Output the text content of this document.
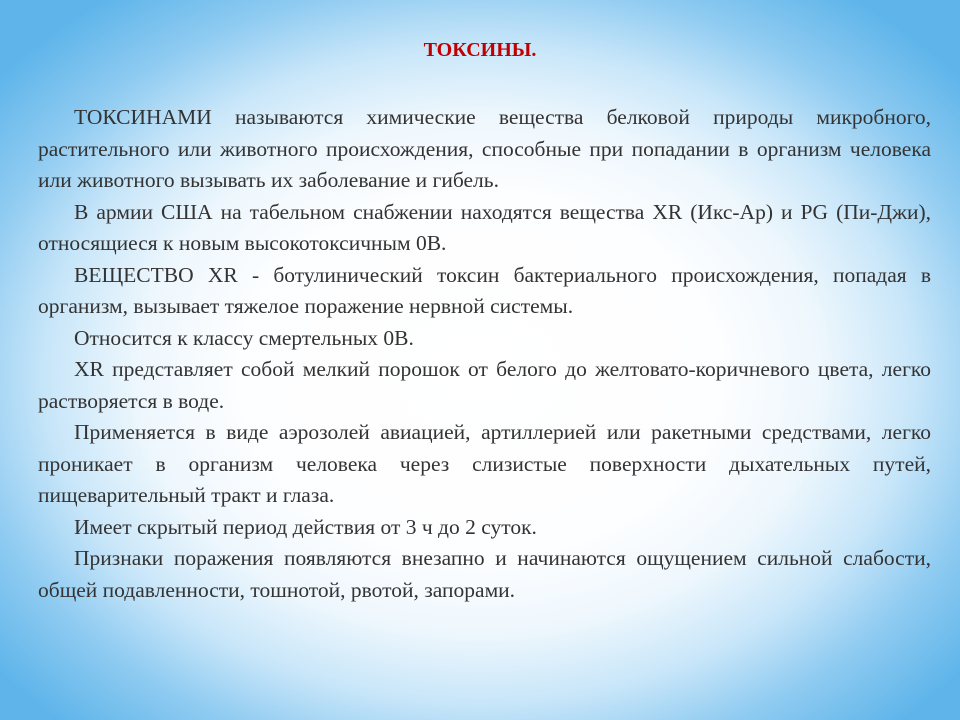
ТОКСИНЫ.

ТОКСИНАМИ называются химические вещества белковой природы микробного, растительного или животного происхождения, способные при попадании в организм человека или животного вызывать их заболевание и гибель.

В армии США на табельном снабжении находятся вещества XR (Икс-Ар) и PG (Пи-Джи), относящиеся к новым высокотоксичным 0В.

ВЕЩЕСТВО XR - ботулинический токсин бактериального происхождения, попадая в организм, вызывает тяжелое поражение нервной системы.

Относится к классу смертельных 0В.

XR представляет собой мелкий порошок от белого до желтовато-коричневого цвета, легко растворяется в воде.

Применяется в виде аэрозолей авиацией, артиллерией или ракетными средствами, легко проникает в организм человека через слизистые поверхности дыхательных путей, пищеварительный тракт и глаза.

Имеет скрытый период действия от 3 ч до 2 суток.

Признаки поражения появляются внезапно и начинаются ощущением сильной слабости, общей подавленности, тошнотой, рвотой, запорами.
